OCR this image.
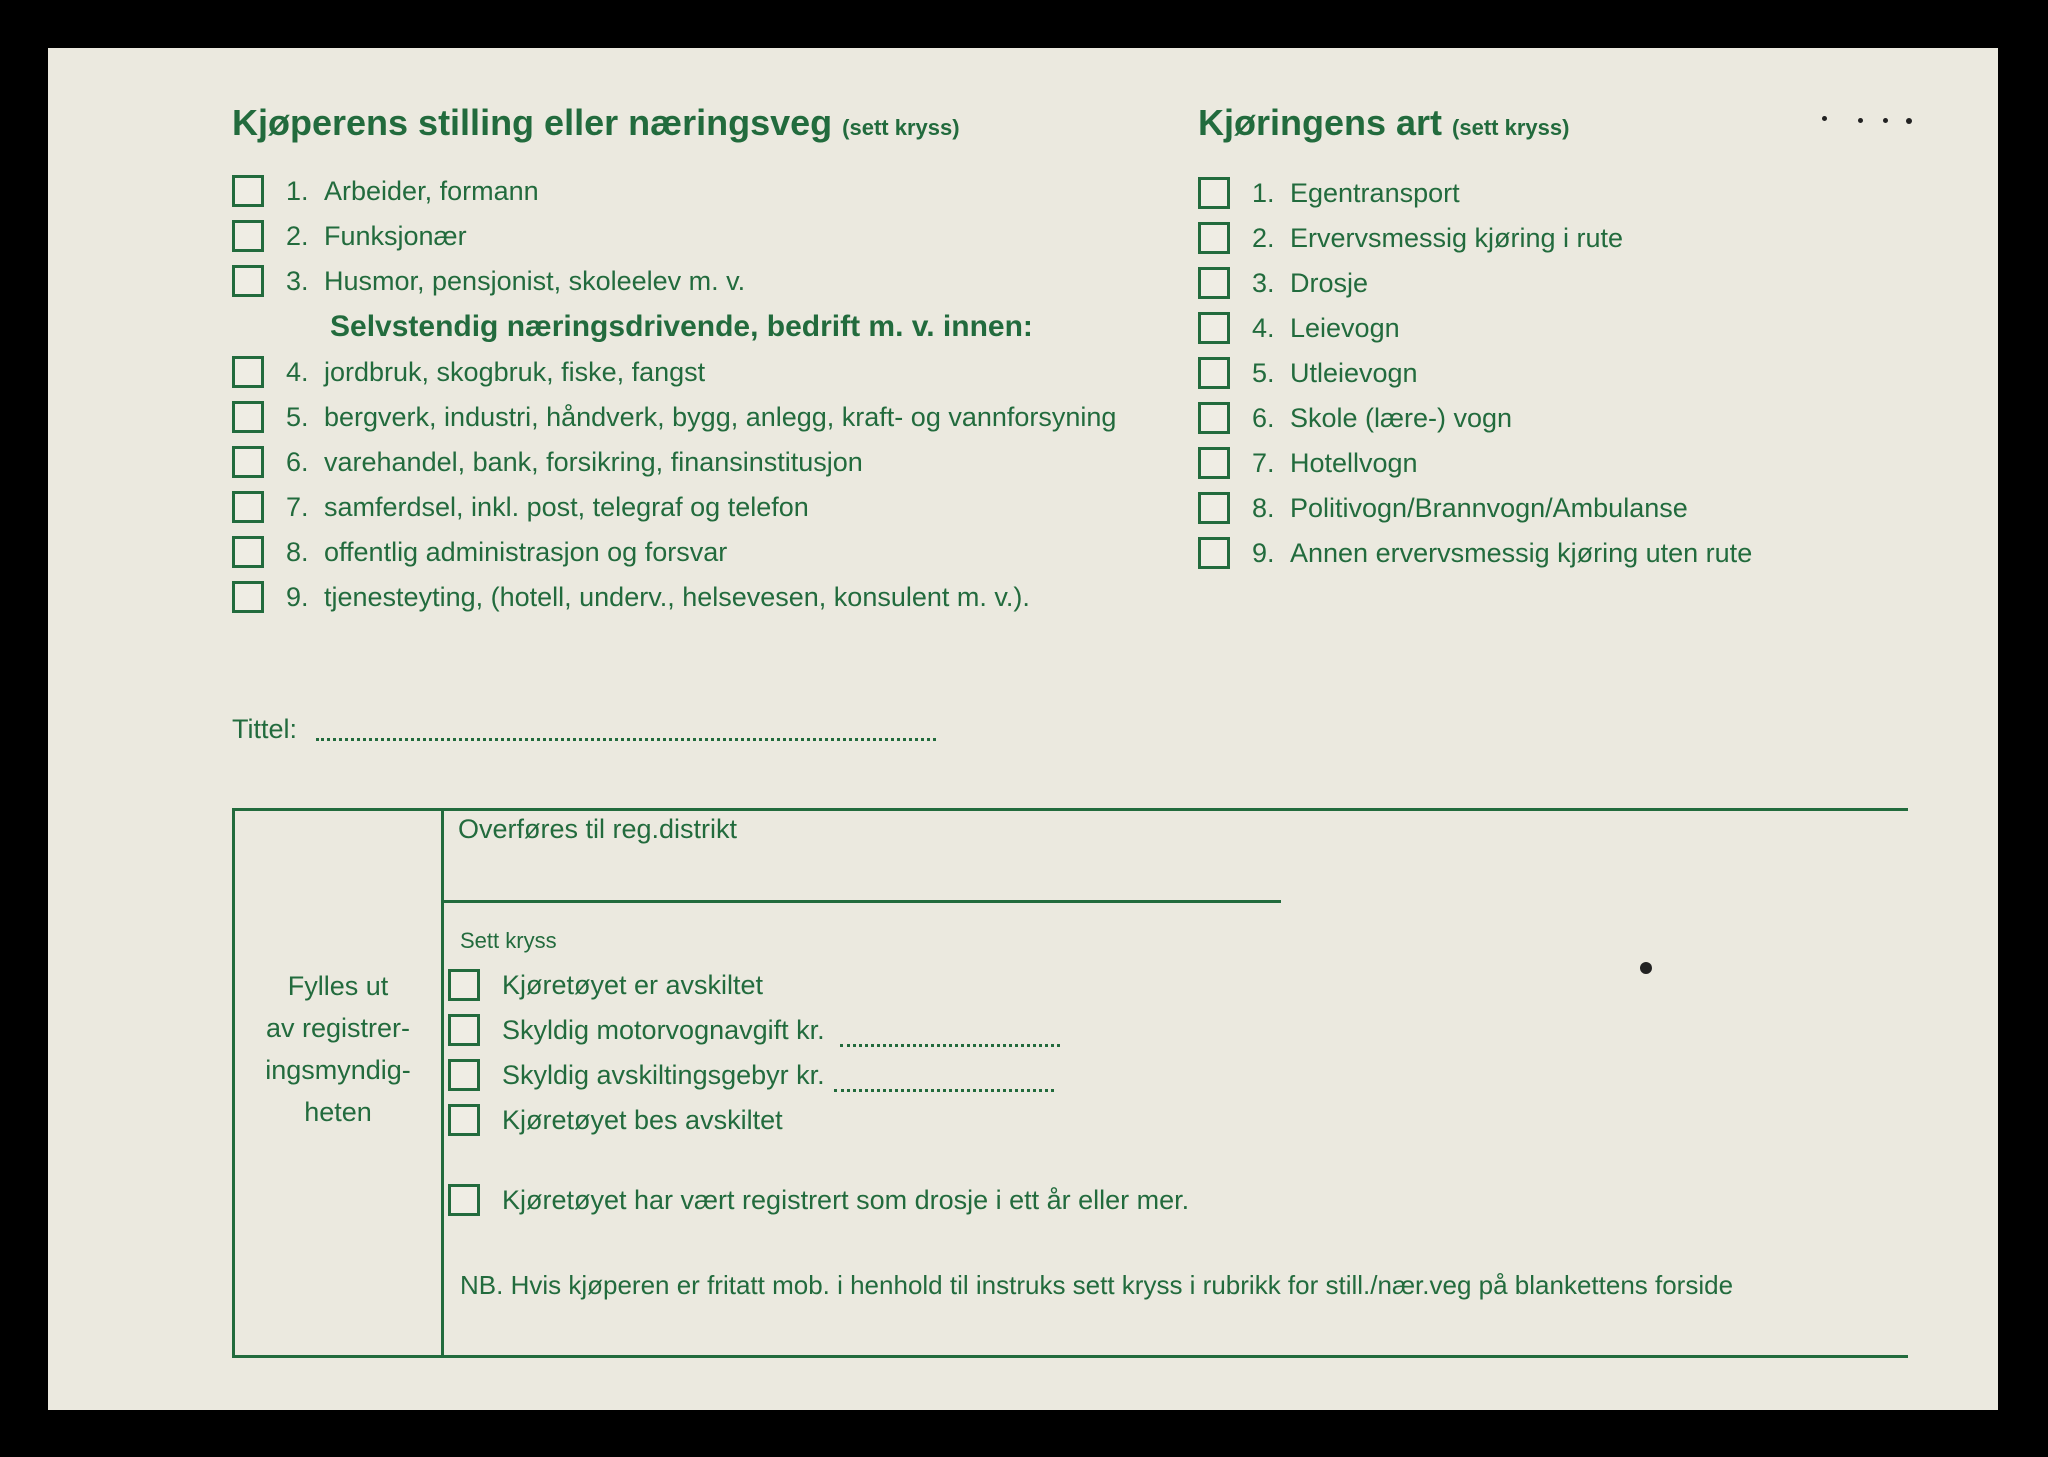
Kjøperens stilling eller næringsveg (sett kryss)
1. Arbeider, formann
2. Funksjonær
3. Husmor, pensjonist, skoleelev m. v.
Selvstendig næringsdrivende, bedrift m. v. innen:
4. jordbruk, skogbruk, fiske, fangst
5. bergverk, industri, håndverk, bygg, anlegg, kraft- og vannforsyning
6. varehandel, bank, forsikring, finansinstitusjon
7. samferdsel, inkl. post, telegraf og telefon
8. offentlig administrasjon og forsvar
9. tjenesteyting, (hotell, underv., helsevesen, konsulent m. v.).
Kjøringens art (sett kryss)
1. Egentransport
2. Ervervsmessig kjøring i rute
3. Drosje
4. Leievogn
5. Utleievogn
6. Skole (lære-) vogn
7. Hotellvogn
8. Politivogn/Brannvogn/Ambulanse
9. Annen ervervsmessig kjøring uten rute
Tittel:
Fylles ut
av registrer-
ingsmyndig-
heten
Overføres til reg.distrikt
Sett kryss
Kjøretøyet er avskiltet
Skyldig motorvognavgift kr.
Skyldig avskiltingsgebyr kr.
Kjøretøyet bes avskiltet
Kjøretøyet har vært registrert som drosje i ett år eller mer.
NB. Hvis kjøperen er fritatt mob. i henhold til instruks sett kryss i rubrikk for still./nær.veg på blankettens forside
